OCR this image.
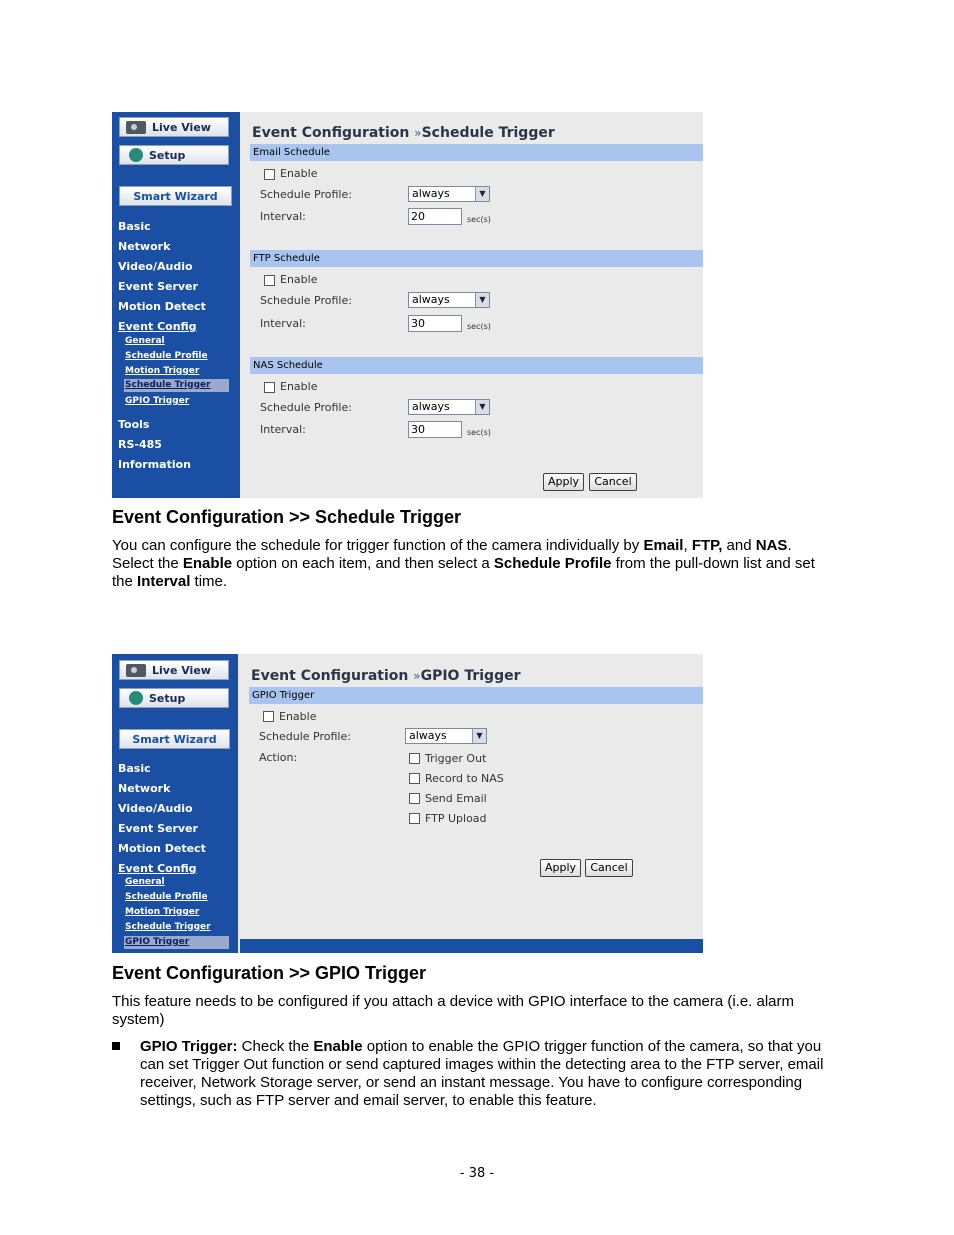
Live View
Setup
Smart Wizard
Basic
Network
Video/Audio
Event Server
Motion Detect
Event Config
General
Schedule Profile
Motion Trigger
Schedule Trigger
GPIO Trigger
Tools
RS-485
Information
Event Configuration »Schedule Trigger
Email Schedule
Enable
Schedule Profile:	always	▼
Interval:	20	sec(s)
FTP Schedule
Enable
Schedule Profile:	always	▼
Interval:	30	sec(s)
NAS Schedule
Enable
Schedule Profile:	always	▼
Interval:	30	sec(s)
Apply	Cancel
Event Configuration >> Schedule Trigger

You can configure the schedule for trigger function of the camera individually by Email, FTP, and NAS. Select the Enable option on each item, and then select a Schedule Profile from the pull-down list and set the Interval time.

Live View
Setup
Smart Wizard
Basic
Network
Video/Audio
Event Server
Motion Detect
Event Config
General
Schedule Profile
Motion Trigger
Schedule Trigger
GPIO Trigger
Event Configuration »GPIO Trigger
GPIO Trigger
Enable
Schedule Profile:	always	▼
Action:	Trigger Out
Record to NAS
Send Email
FTP Upload
Apply	Cancel
Event Configuration >> GPIO Trigger

This feature needs to be configured if you attach a device with GPIO interface to the camera (i.e. alarm system)

GPIO Trigger: Check the Enable option to enable the GPIO trigger function of the camera, so that you can set Trigger Out function or send captured images within the detecting area to the FTP server, email receiver, Network Storage server, or send an instant message. You have to configure corresponding settings, such as FTP server and email server, to enable this feature.

- 38 -
